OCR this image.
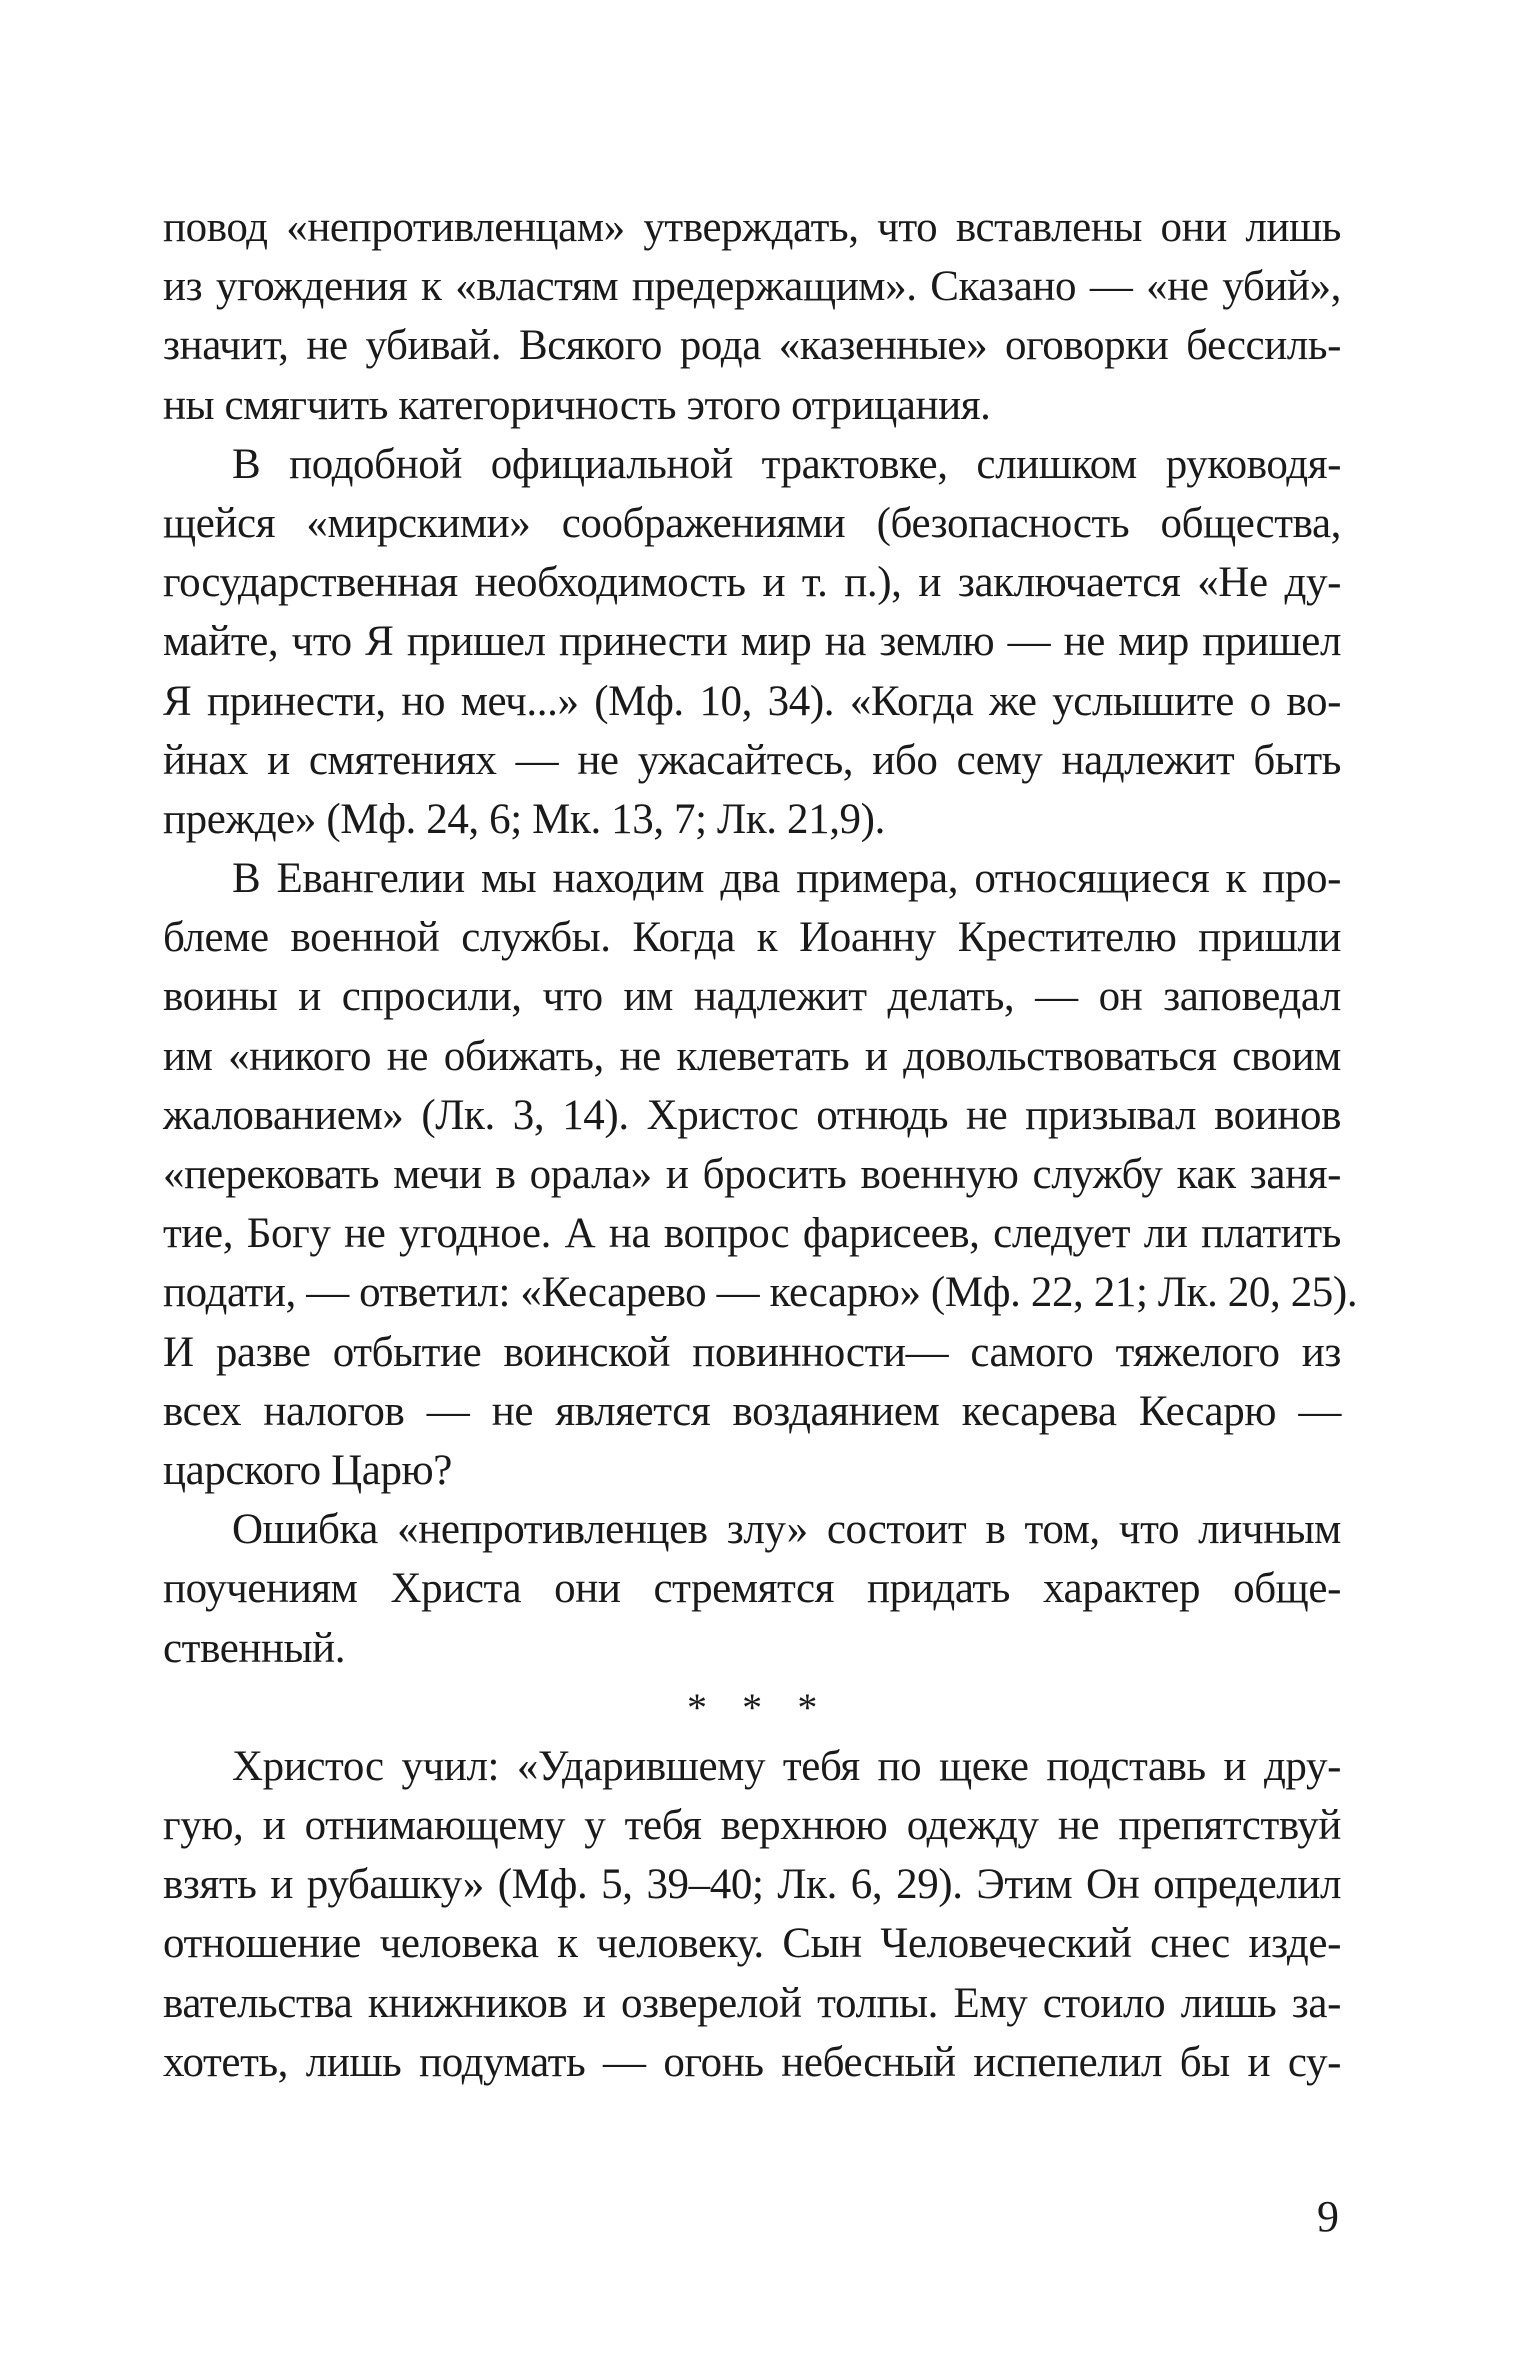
повод «непротивленцам» утверждать, что вставлены они лишь
из угождения к «властям предержащим». Сказано — «не убий»,
значит, не убивай. Всякого рода «казенные» оговорки бессиль-
ны смягчить категоричность этого отрицания.
В подобной официальной трактовке, слишком руководя-
щейся «мирскими» соображениями (безопасность общества,
государственная необходимость и т. п.), и заключается «Не ду-
майте, что Я пришел принести мир на землю — не мир пришел
Я принести, но меч...» (Мф. 10, 34). «Когда же услышите о во-
йнах и смятениях — не ужасайтесь, ибо сему надлежит быть
прежде» (Мф. 24, 6; Мк. 13, 7; Лк. 21,9).
В Евангелии мы находим два примера, относящиеся к про-
блеме военной службы. Когда к Иоанну Крестителю пришли
воины и спросили, что им надлежит делать, — он заповедал
им «никого не обижать, не клеветать и довольствоваться своим
жалованием» (Лк. 3, 14). Христос отнюдь не призывал воинов
«перековать мечи в орала» и бросить военную службу как заня-
тие, Богу не угодное. А на вопрос фарисеев, следует ли платить
подати, — ответил: «Кесарево — кесарю» (Мф. 22, 21; Лк. 20, 25).
И разве отбытие воинской повинности— самого тяжелого из
всех налогов — не является воздаянием кесарева Кесарю —
царского Царю?
Ошибка «непротивленцев злу» состоит в том, что личным
поучениям Христа они стремятся придать характер обще-
ственный.
* * *
Христос учил: «Ударившему тебя по щеке подставь и дру-
гую, и отнимающему у тебя верхнюю одежду не препятствуй
взять и рубашку» (Мф. 5, 39–40; Лк. 6, 29). Этим Он определил
отношение человека к человеку. Сын Человеческий снес изде-
вательства книжников и озверелой толпы. Ему стоило лишь за-
хотеть, лишь подумать — огонь небесный испепелил бы и су-
9
